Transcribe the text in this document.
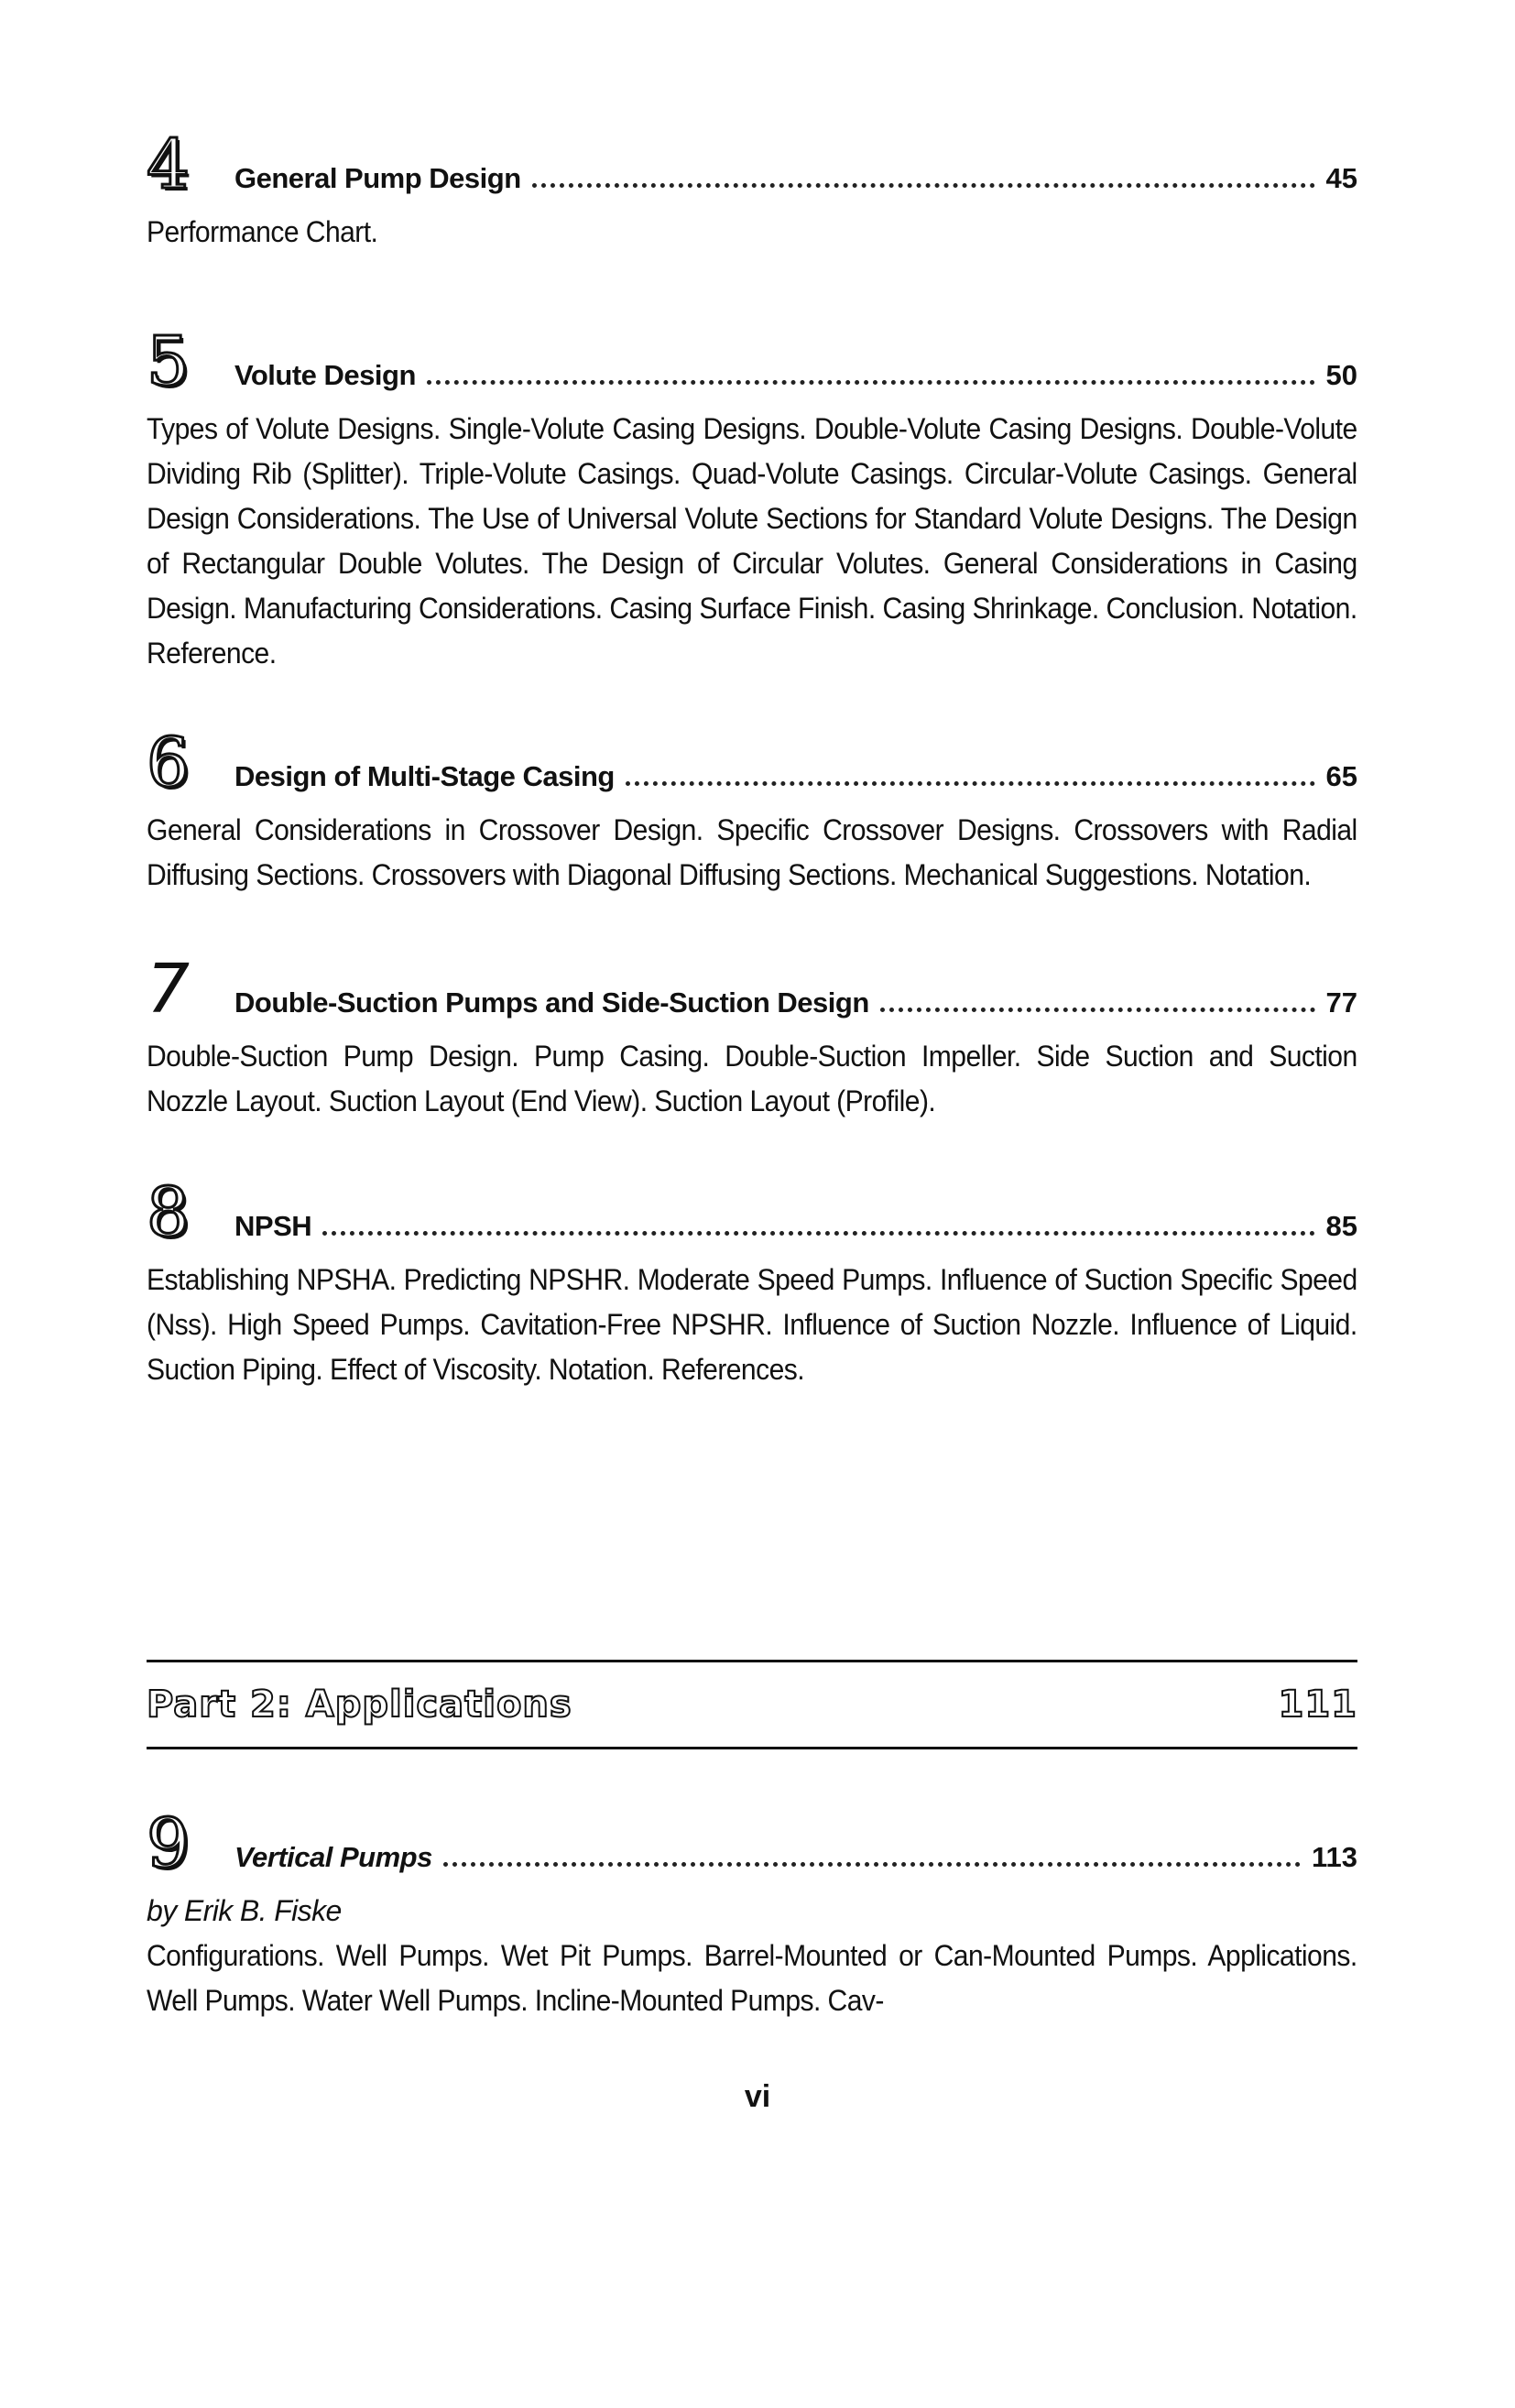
4	General Pump Design	45
Performance Chart.
5	Volute Design	50
Types of Volute Designs. Single-Volute Casing Designs. Double-Volute Casing Designs. Double-Volute Dividing Rib (Splitter). Triple-Volute Casings. Quad-Volute Casings. Circular-Volute Casings. General Design Considerations. The Use of Universal Volute Sections for Standard Volute Designs. The Design of Rectangular Double Volutes. The Design of Circular Volutes. General Considerations in Casing Design. Manufacturing Considerations. Casing Surface Finish. Casing Shrinkage. Conclusion. Notation. Reference.
6	Design of Multi-Stage Casing	65
General Considerations in Crossover Design. Specific Crossover Designs. Crossovers with Radial Diffusing Sections. Crossovers with Diagonal Diffusing Sections. Mechanical Suggestions. Notation.
7	Double-Suction Pumps and Side-Suction Design	77
Double-Suction Pump Design. Pump Casing. Double-Suction Impeller. Side Suction and Suction Nozzle Layout. Suction Layout (End View). Suction Layout (Profile).
8	NPSH	85
Establishing NPSHA. Predicting NPSHR. Moderate Speed Pumps. Influence of Suction Specific Speed (Nss). High Speed Pumps. Cavitation-Free NPSHR. Influence of Suction Nozzle. Influence of Liquid. Suction Piping. Effect of Viscosity. Notation. References.
Part 2: Applications	111
9	Vertical Pumps	113
by Erik B. Fiske
Configurations. Well Pumps. Wet Pit Pumps. Barrel-Mounted or Can-Mounted Pumps. Applications. Well Pumps. Water Well Pumps. Incline-Mounted Pumps. Cav-
vi
